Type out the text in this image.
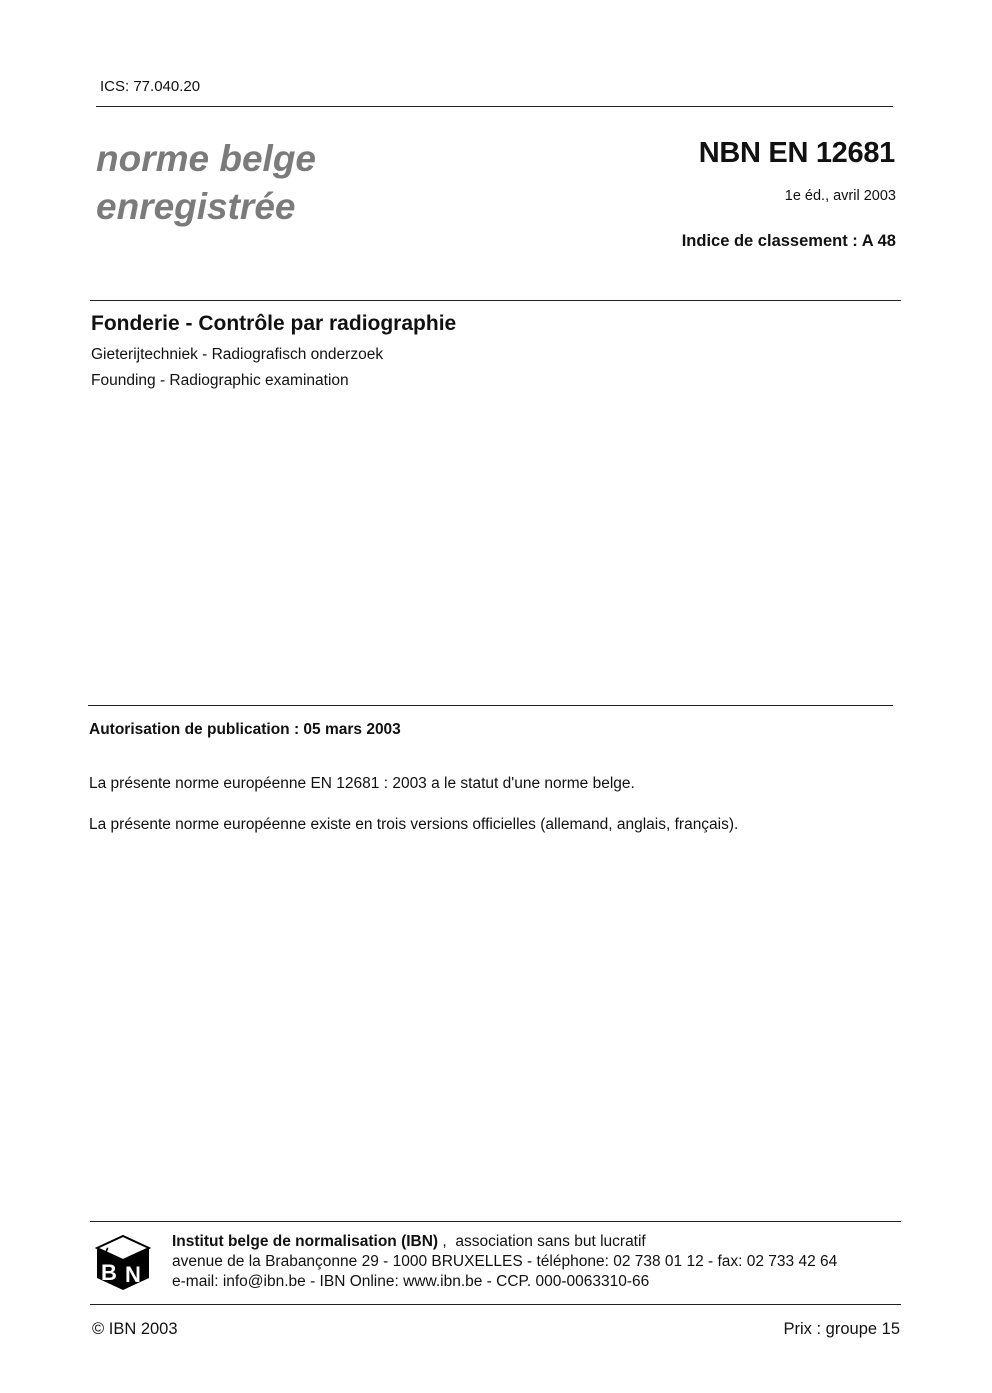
ICS: 77.040.20
norme belge
enregistrée
NBN EN 12681
1e éd., avril 2003
Indice de classement : A 48
Fonderie - Contrôle par radiographie
Gieterijtechniek - Radiografisch onderzoek
Founding - Radiographic examination
Autorisation de publication : 05 mars 2003
La présente norme européenne EN 12681 : 2003 a le statut d'une norme belge.
La présente norme européenne existe en trois versions officielles (allemand, anglais, français).
I
B N
Institut belge de normalisation (IBN) ,  association sans but lucratif
avenue de la Brabançonne 29 - 1000 BRUXELLES - téléphone: 02 738 01 12 - fax: 02 733 42 64
e-mail: info@ibn.be - IBN Online: www.ibn.be - CCP. 000-0063310-66
© IBN 2003	Prix : groupe 15
